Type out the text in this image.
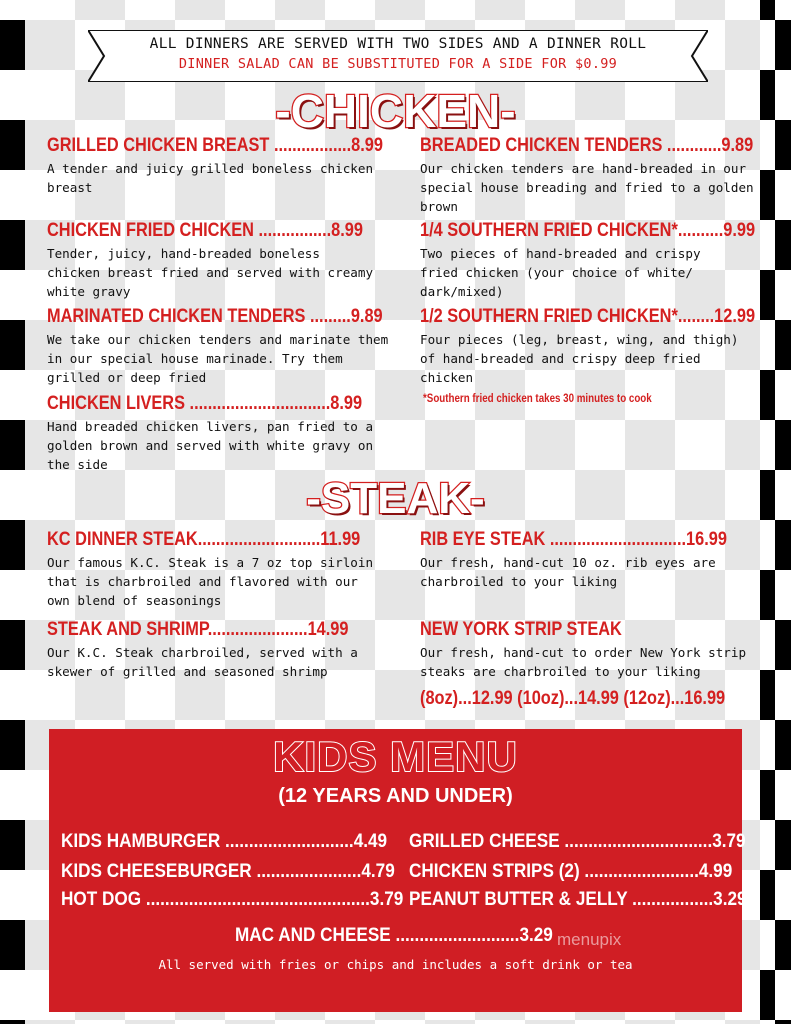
ALL DINNERS ARE SERVED WITH TWO SIDES AND A DINNER ROLL
DINNER SALAD CAN BE SUBSTITUTED FOR A SIDE FOR $0.99
-CHICKEN-
GRILLED CHICKEN BREAST .................8.99
A tender and juicy grilled boneless chicken breast
BREADED CHICKEN TENDERS ............9.89
Our chicken tenders are hand-breaded in our special house breading and fried to a golden brown
CHICKEN FRIED CHICKEN ................8.99
Tender, juicy, hand-breaded boneless chicken breast fried and served with creamy white gravy
1/4 SOUTHERN FRIED CHICKEN*..........9.99
Two pieces of hand-breaded and crispy fried chicken (your choice of white/ dark/mixed)
MARINATED CHICKEN TENDERS .........9.89
We take our chicken tenders and marinate them in our special house marinade. Try them grilled or deep fried
1/2 SOUTHERN FRIED CHICKEN*........12.99
Four pieces (leg, breast, wing, and thigh) of hand-breaded and crispy deep fried chicken
*Southern fried chicken takes 30 minutes to cook
CHICKEN LIVERS ...............................8.99
Hand breaded chicken livers, pan fried to a golden brown and served with white gravy on the side
-STEAK-
KC DINNER STEAK...........................11.99
Our famous K.C. Steak is a 7 oz top sirloin that is charbroiled and flavored with our own blend of seasonings
RIB EYE STEAK ..............................16.99
Our fresh, hand-cut 10 oz. rib eyes are charbroiled to your liking
STEAK AND SHRIMP......................14.99
Our K.C. Steak charbroiled, served with a skewer of grilled and seasoned shrimp
NEW YORK STRIP STEAK
Our fresh, hand-cut to order New York strip steaks are charbroiled to your liking
(8oz)...12.99 (10oz)...14.99 (12oz)...16.99
KIDS MENU
(12 YEARS AND UNDER)
KIDS HAMBURGER ...........................4.49 GRILLED CHEESE ...............................3.79
KIDS CHEESEBURGER ......................4.79 CHICKEN STRIPS (2) ........................4.99
HOT DOG ...............................................3.79 PEANUT BUTTER & JELLY .................3.29
MAC AND CHEESE ..........................3.29
All served with fries or chips and includes a soft drink or tea
menupix
